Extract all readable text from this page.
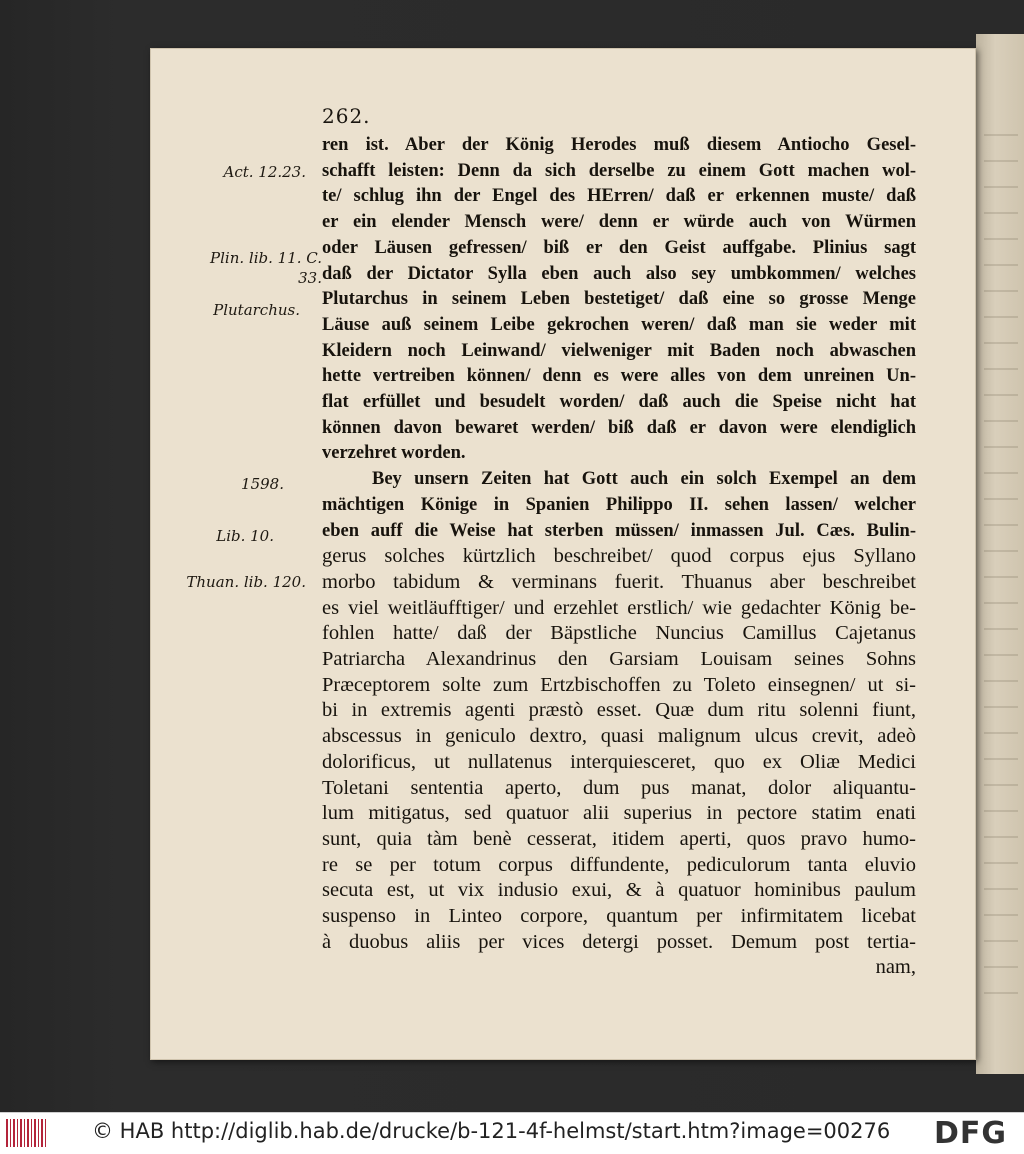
262.
Act. 12.23.
Plin. lib. 11. C. 33.
Plutarchus.
1598.
Lib. 10.
Thuan. lib. 120.
ren ist. Aber der König Herodes muß diesem Antiocho Gesel-
schafft leisten: Denn da sich derselbe zu einem Gott machen wol-
te/ schlug ihn der Engel des HErren/ daß er erkennen muste/ daß
er ein elender Mensch were/ denn er würde auch von Würmen
oder Läusen gefressen/ biß er den Geist auffgabe. Plinius sagt
daß der Dictator Sylla eben auch also sey umbkommen/ welches
Plutarchus in seinem Leben bestetiget/ daß eine so grosse Menge
Läuse auß seinem Leibe gekrochen weren/ daß man sie weder mit
Kleidern noch Leinwand/ vielweniger mit Baden noch abwaschen
hette vertreiben können/ denn es were alles von dem unreinen Un-
flat erfüllet und besudelt worden/ daß auch die Speise nicht hat
können davon bewaret werden/ biß daß er davon were elendiglich
verzehret worden.
Bey unsern Zeiten hat Gott auch ein solch Exempel an dem
mächtigen Könige in Spanien Philippo II. sehen lassen/ welcher
eben auff die Weise hat sterben müssen/ inmassen Jul. Cæs. Bulin-
gerus solches kürtzlich beschreibet/ quod corpus ejus Syllano
morbo tabidum & verminans fuerit. Thuanus aber beschreibet
es viel weitläufftiger/ und erzehlet erstlich/ wie gedachter König be-
fohlen hatte/ daß der Bäpstliche Nuncius Camillus Cajetanus
Patriarcha Alexandrinus den Garsiam Louisam seines Sohns
Præceptorem solte zum Ertzbischoffen zu Toleto einsegnen/ ut si-
bi in extremis agenti præstò esset. Quæ dum ritu solenni fiunt,
abscessus in geniculo dextro, quasi malignum ulcus crevit, adeò
dolorificus, ut nullatenus interquiesceret, quo ex Oliæ Medici
Toletani sententia aperto, dum pus manat, dolor aliquantu-
lum mitigatus, sed quatuor alii superius in pectore statim enati
sunt, quia tàm benè cesserat, itidem aperti, quos pravo humo-
re se per totum corpus diffundente, pediculorum tanta eluvio
secuta est, ut vix indusio exui, & à quatuor hominibus paulum
suspenso in Linteo corpore, quantum per infirmitatem licebat
à duobus aliis per vices detergi posset. Demum post tertia-
nam,
© HAB http://diglib.hab.de/drucke/b-121-4f-helmst/start.htm?image=00276 DFG
